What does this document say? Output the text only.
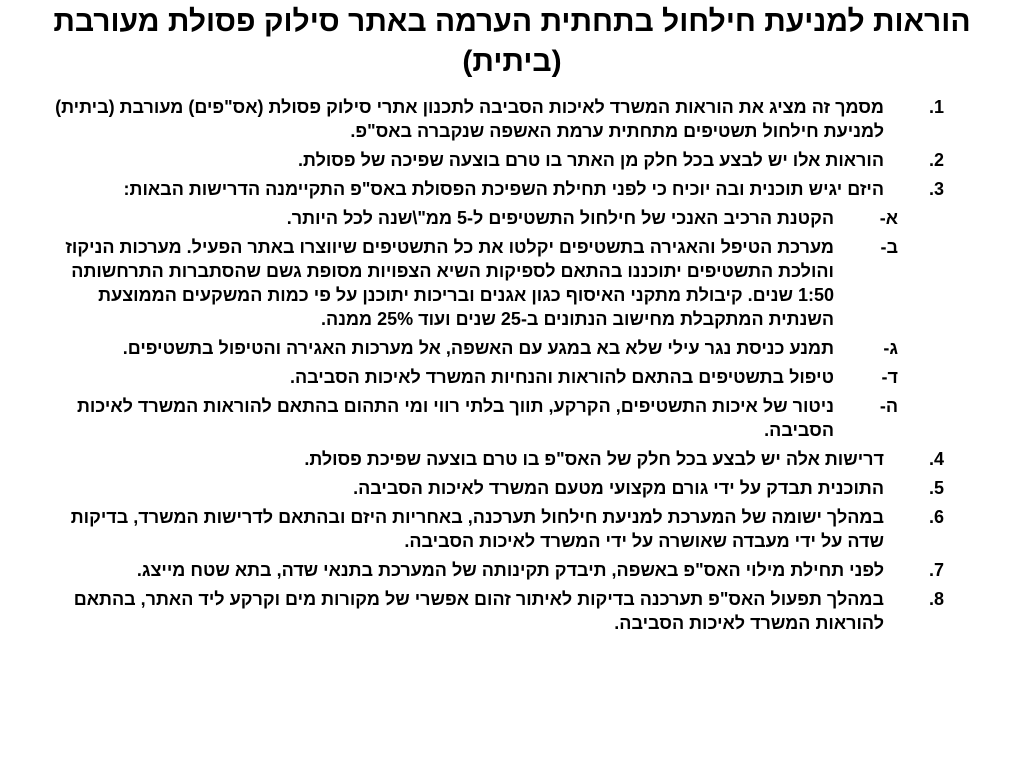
הוראות למניעת חילחול בתחתית הערמה באתר סילוק פסולת מעורבת (ביתית)
1.
מסמך זה מציג את הוראות המשרד לאיכות הסביבה לתכנון אתרי סילוק פסולת (אס"פים) מעורבת (ביתית) למניעת חילחול תשטיפים מתחתית ערמת האשפה שנקברה באס"פ.
2.
הוראות אלו יש לבצע בכל חלק מן האתר בו טרם בוצעה שפיכה של פסולת.
3.
היזם יגיש תוכנית ובה יוכיח כי לפני תחילת השפיכת הפסולת באס"פ התקיימנה הדרישות הבאות:
א-
הקטנת הרכיב האנכי של חילחול התשטיפים ל-5 ממ"\שנה לכל היותר.
ב-
מערכת הטיפל והאגירה בתשטיפים יקלטו את כל התשטיפים שיווצרו באתר הפעיל. מערכות הניקוז והולכת התשטיפים יתוכננו בהתאם לספיקות השיא הצפויות מסופת גשם שהסתברות התרחשותה 1:50 שנים. קיבולת מתקני האיסוף כגון אגנים ובריכות יתוכנן על פי כמות המשקעים הממוצעת השנתית המתקבלת מחישוב הנתונים ב-25 שנים ועוד 25% ממנה.
ג-
תמנע כניסת נגר עילי שלא בא במגע עם האשפה, אל מערכות האגירה והטיפול בתשטיפים.
ד-
טיפול בתשטיפים בהתאם להוראות והנחיות המשרד לאיכות הסביבה.
ה-
ניטור של איכות התשטיפים, הקרקע, תווך בלתי רווי ומי התהום בהתאם להוראות המשרד לאיכות הסביבה.
4.
דרישות אלה יש לבצע בכל חלק של האס"פ בו טרם בוצעה שפיכת פסולת.
5.
התוכנית תבדק על ידי גורם מקצועי מטעם המשרד לאיכות הסביבה.
6.
במהלך ישומה של המערכת למניעת חילחול תערכנה, באחריות היזם ובהתאם לדרישות המשרד, בדיקות שדה על ידי מעבדה שאושרה על ידי המשרד לאיכות הסביבה.
7.
לפני תחילת מילוי האס"פ באשפה, תיבדק תקינותה של המערכת בתנאי שדה, בתא שטח מייצג.
8.
במהלך תפעול האס"פ תערכנה בדיקות לאיתור זהום אפשרי של מקורות מים וקרקע ליד האתר, בהתאם להוראות המשרד לאיכות הסביבה.
